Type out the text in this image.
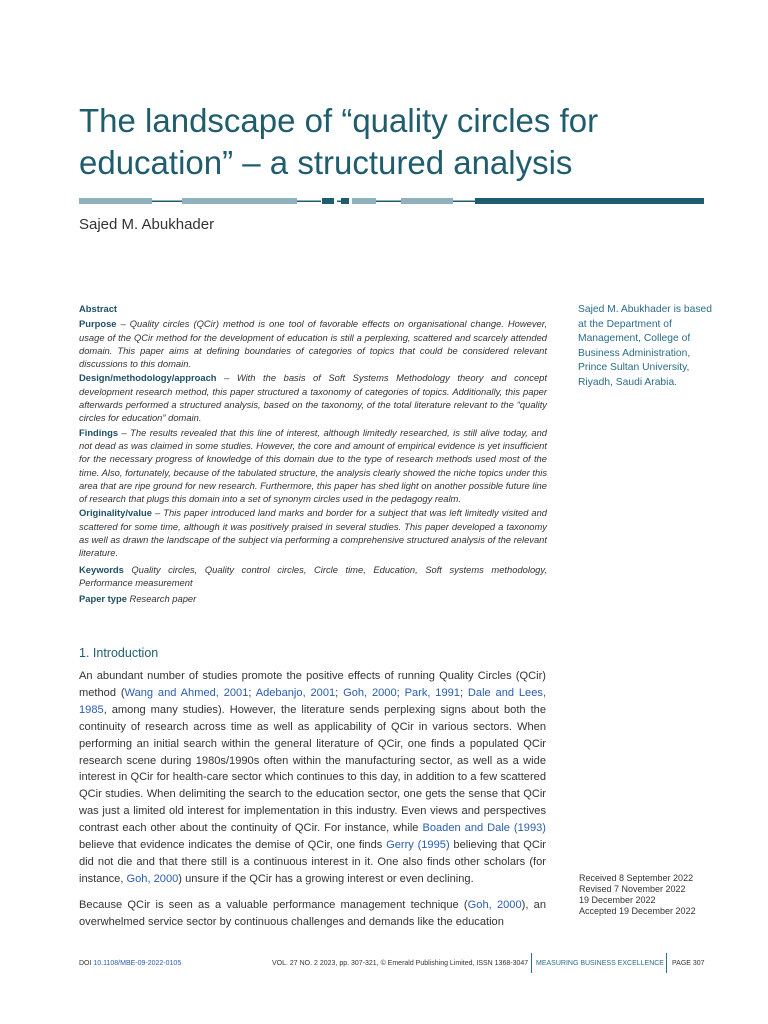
The landscape of “quality circles for
education” – a structured analysis
Sajed M. Abukhader

Abstract

Purpose – Quality circles (QCir) method is one tool of favorable effects on organisational change. However, usage of the QCir method for the development of education is still a perplexing, scattered and scarcely attended domain. This paper aims at defining boundaries of categories of topics that could be considered relevant discussions to this domain.

Design/methodology/approach – With the basis of Soft Systems Methodology theory and concept development research method, this paper structured a taxonomy of categories of topics. Additionally, this paper afterwards performed a structured analysis, based on the taxonomy, of the total literature relevant to the “quality circles for education” domain.

Findings – The results revealed that this line of interest, although limitedly researched, is still alive today, and not dead as was claimed in some studies. However, the core and amount of empirical evidence is yet insufficient for the necessary progress of knowledge of this domain due to the type of research methods used most of the time. Also, fortunately, because of the tabulated structure, the analysis clearly showed the niche topics under this area that are ripe ground for new research. Furthermore, this paper has shed light on another possible future line of research that plugs this domain into a set of synonym circles used in the pedagogy realm.

Originality/value – This paper introduced land marks and border for a subject that was left limitedly visited and scattered for some time, although it was positively praised in several studies. This paper developed a taxonomy as well as drawn the landscape of the subject via performing a comprehensive structured analysis of the relevant literature.

Keywords Quality circles, Quality control circles, Circle time, Education, Soft systems methodology, Performance measurement

Paper type Research paper

Sajed M. Abukhader is based at the Department of Management, College of Business Administration, Prince Sultan University, Riyadh, Saudi Arabia.
1. Introduction

An abundant number of studies promote the positive effects of running Quality Circles (QCir) method (Wang and Ahmed, 2001; Adebanjo, 2001; Goh, 2000; Park, 1991; Dale and Lees, 1985, among many studies). However, the literature sends perplexing signs about both the continuity of research across time as well as applicability of QCir in various sectors. When performing an initial search within the general literature of QCir, one finds a populated QCir research scene during 1980s/1990s often within the manufacturing sector, as well as a wide interest in QCir for health-care sector which continues to this day, in addition to a few scattered QCir studies. When delimiting the search to the education sector, one gets the sense that QCir was just a limited old interest for implementation in this industry. Even views and perspectives contrast each other about the continuity of QCir. For instance, while Boaden and Dale (1993) believe that evidence indicates the demise of QCir, one finds Gerry (1995) believing that QCir did not die and that there still is a continuous interest in it. One also finds other scholars (for instance, Goh, 2000) unsure if the QCir has a growing interest or even declining.

Because QCir is seen as a valuable performance management technique (Goh, 2000), an overwhelmed service sector by continuous challenges and demands like the education

Received 8 September 2022
Revised 7 November 2022
19 December 2022
Accepted 19 December 2022
DOI 10.1108/MBE-09-2022-0105	VOL. 27 NO. 2 2023, pp. 307-321, © Emerald Publishing Limited, ISSN 1368-3047 MEASURING BUSINESS EXCELLENCE PAGE 307
